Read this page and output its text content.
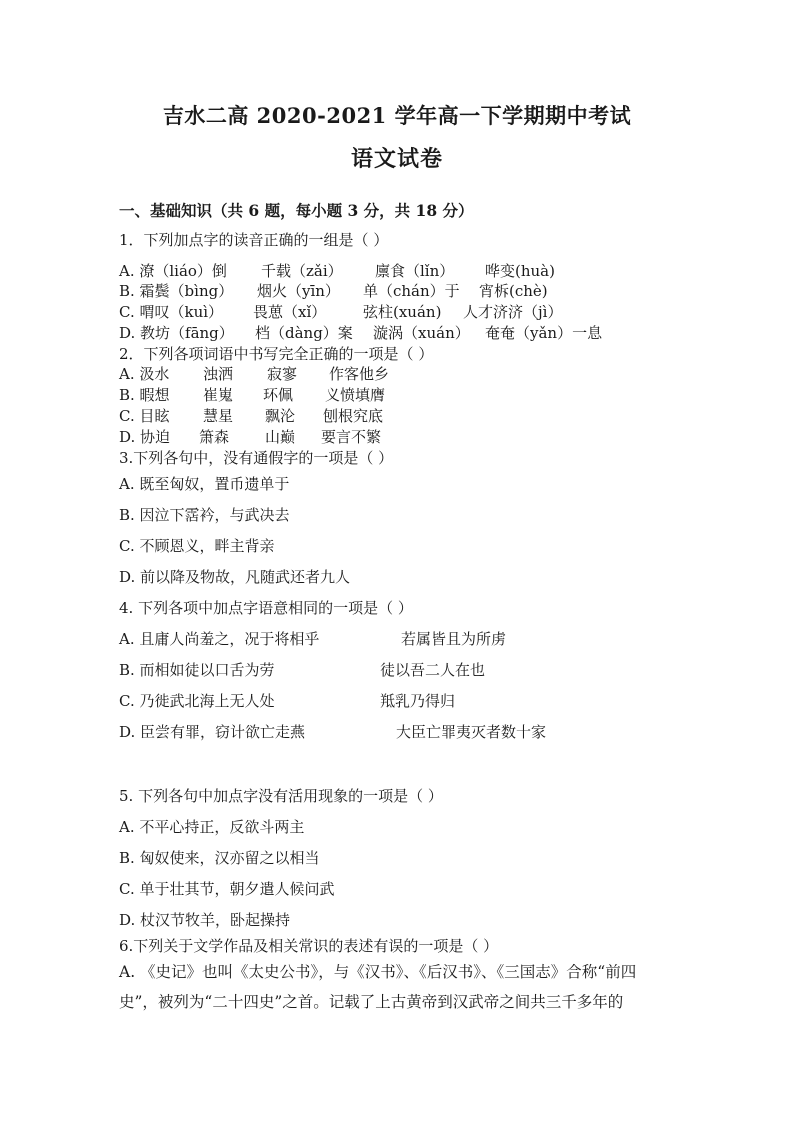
吉水二高 2020-2021 学年高一下学期期中考试
语文试卷
一、基础知识（共 6 题，每小题 3 分，共 18 分）
1．下列加点字的读音正确的一组是（ ）
A. 潦（liáo）倒 千载（zǎi） 廪食（lǐn） 哗变(huà)
B. 霜鬓（bìng） 烟火（yīn） 单（chán）于 宵柝(chè)
C. 喟叹（kuì） 畏葸（xǐ） 弦柱(xuán) 人才济济（jì）
D. 教坊（fāng） 档（dàng）案 漩涡（xuán） 奄奄（yǎn）一息
2．下列各项词语中书写完全正确的一项是（ ）
A. 汲水 浊洒 寂寥 作客他乡
B. 暇想 崔嵬 环佩 义愤填膺
C. 目眩 慧星 飘沦 刨根究底
D. 协迫 箫森 山巅 要言不繁
3.下列各句中，没有通假字的一项是（ ）
A. 既至匈奴，置币遗单于
B. 因泣下霑衿，与武决去
C. 不顾恩义，畔主背亲
D. 前以降及物故，凡随武还者九人
4. 下列各项中加点字语意相同的一项是（ ）
A. 且庸人尚羞之，况于将相乎	若属皆且为所虏
B. 而相如徒以口舌为劳	徒以吾二人在也
C. 乃徙武北海上无人处	羝乳乃得归
D. 臣尝有罪，窃计欲亡走燕	大臣亡罪夷灭者数十家
5. 下列各句中加点字没有活用现象的一项是（ ）
A. 不平心持正，反欲斗两主
B. 匈奴使来，汉亦留之以相当
C. 单于壮其节，朝夕遣人候问武
D. 杖汉节牧羊，卧起操持
6.下列关于文学作品及相关常识的表述有误的一项是（ ）
A. 《史记》也叫《太史公书》，与《汉书》、《后汉书》、《三国志》合称“前四史”，被列为“二十四史”之首。记载了上古黄帝到汉武帝之间共三千多年的
